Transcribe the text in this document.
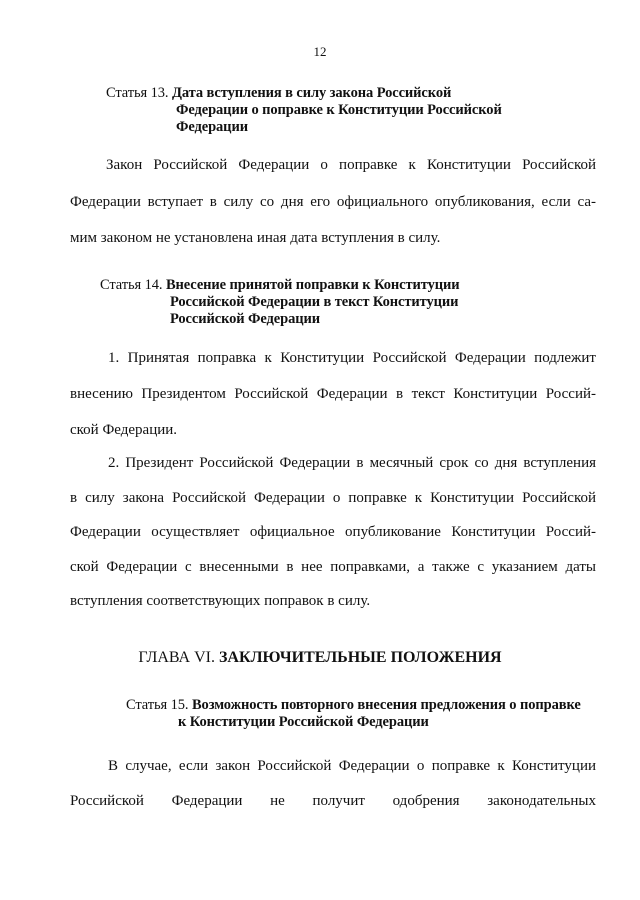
12
Статья 13. Дата вступления в силу закона Российской
Федерации о поправке к Конституции Российской
Федерации
Закон Российской Федерации о поправке к Конституции Российской
Федерации вступает в силу со дня его официального опубликования, если са-
мим законом не установлена иная дата вступления в силу.
Статья 14. Внесение принятой поправки к Конституции
Российской Федерации в текст Конституции
Российской Федерации
1. Принятая поправка к Конституции Российской Федерации подлежит
внесению Президентом Российской Федерации в текст Конституции Россий-
ской Федерации.
2. Президент Российской Федерации в месячный срок со дня вступления
в силу закона Российской Федерации о поправке к Конституции Российской
Федерации осуществляет официальное опубликование Конституции Россий-
ской Федерации с внесенными в нее поправками, а также с указанием даты
вступления соответствующих поправок в силу.
ГЛАВА VI. ЗАКЛЮЧИТЕЛЬНЫЕ ПОЛОЖЕНИЯ
Статья 15. Возможность повторного внесения предложения о поправке
к Конституции Российской Федерации
В случае, если закон Российской Федерации о поправке к Конституции
Российской Федерации не получит одобрения законодательных
